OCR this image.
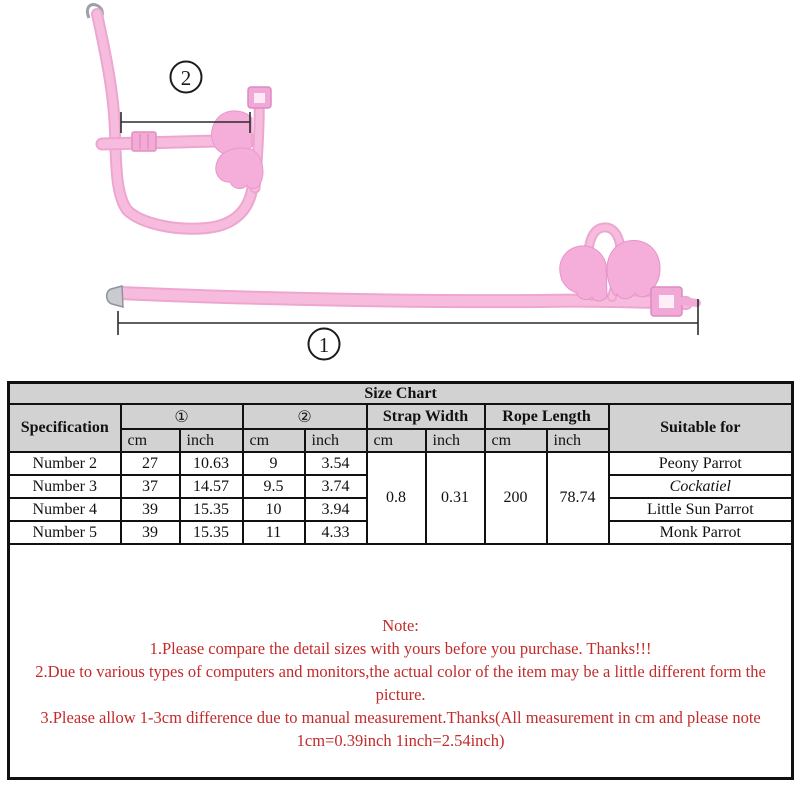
2
1
Size Chart									
Specification	①		②		Strap Width		Rope Length		Suitable for
	cm	inch	cm	inch	cm	inch	cm	inch	
Number 2	27	10.63	9	3.54	0.8	0.31	200	78.74	Peony Parrot
Number 3	37	14.57	9.5	3.74					Cockatiel
Number 4	39	15.35	10	3.94					Little Sun Parrot
Number 5	39	15.35	11	4.33					Monk Parrot

Note:
1.Please compare the detail sizes with yours before you purchase. Thanks!!!
2.Due to various types of computers and monitors,the actual color of the item may be a little different form the picture.
3.Please allow 1-3cm difference due to manual measurement.Thanks(All measurement in cm and please note 1cm=0.39inch 1inch=2.54inch)									
